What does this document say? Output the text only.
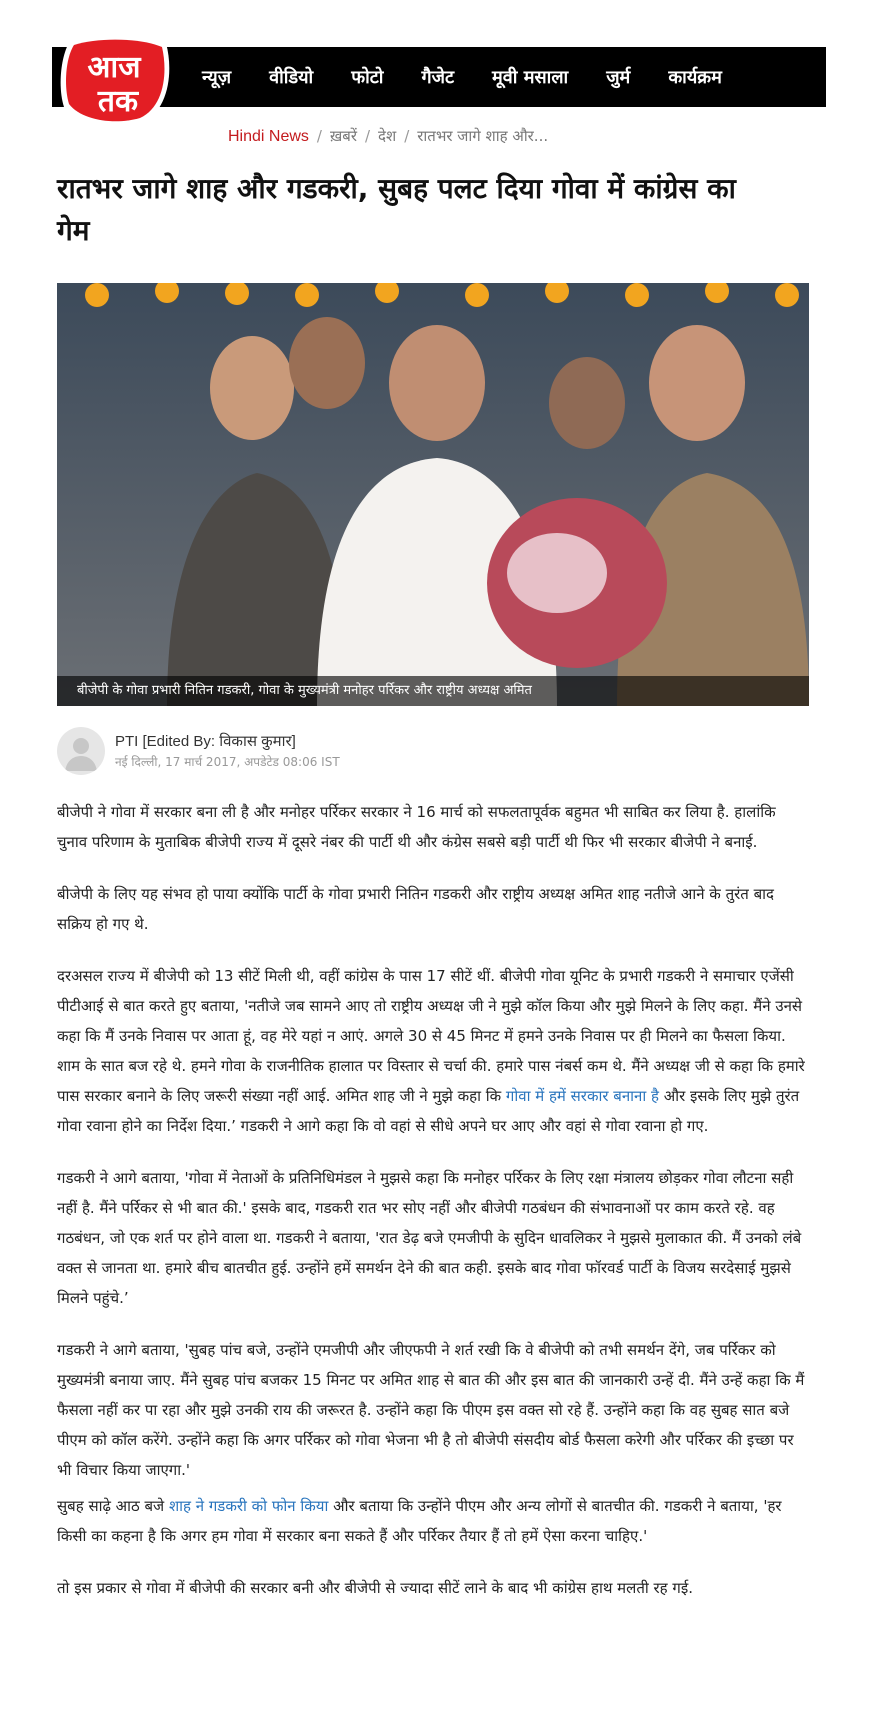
आज
तक
न्यूज़ वीडियो फोटो गैजेट मूवी मसाला जुर्म कार्यक्रम
Hindi News / ख़बरें / देश / रातभर जागे शाह और...
रातभर जागे शाह और गडकरी, सुबह पलट दिया गोवा में कांग्रेस का गेम
बीजेपी के गोवा प्रभारी नितिन गडकरी, गोवा के मुख्यमंत्री मनोहर पर्रिकर और राष्ट्रीय अध्यक्ष अमित
PTI [Edited By: विकास कुमार]
नई दिल्ली, 17 मार्च 2017, अपडेटेड 08:06 IST

बीजेपी ने गोवा में सरकार बना ली है और मनोहर पर्रिकर सरकार ने 16 मार्च को सफलतापूर्वक बहुमत भी साबित कर लिया है. हालांकि चुनाव परिणाम के मुताबिक बीजेपी राज्य में दूसरे नंबर की पार्टी थी और कंग्रेस सबसे बड़ी पार्टी थी फिर भी सरकार बीजेपी ने बनाई.

बीजेपी के लिए यह संभव हो पाया क्योंकि पार्टी के गोवा प्रभारी नितिन गडकरी और राष्ट्रीय अध्यक्ष अमित शाह नतीजे आने के तुरंत बाद सक्रिय हो गए थे.

दरअसल राज्य में बीजेपी को 13 सीटें मिली थी, वहीं कांग्रेस के पास 17 सीटें थीं. बीजेपी गोवा यूनिट के प्रभारी गडकरी ने समाचार एजेंसी पीटीआई से बात करते हुए बताया, 'नतीजे जब सामने आए तो राष्ट्रीय अध्यक्ष जी ने मुझे कॉल किया और मुझे मिलने के लिए कहा. मैंने उनसे कहा कि मैं उनके निवास पर आता हूं, वह मेरे यहां न आएं. अगले 30 से 45 मिनट में हमने उनके निवास पर ही मिलने का फैसला किया. शाम के सात बज रहे थे. हमने गोवा के राजनीतिक हालात पर विस्तार से चर्चा की. हमारे पास नंबर्स कम थे. मैंने अध्यक्ष जी से कहा कि हमारे पास सरकार बनाने के लिए जरूरी संख्या नहीं आई. अमित शाह जी ने मुझे कहा कि गोवा में हमें सरकार बनाना है और इसके लिए मुझे तुरंत गोवा रवाना होने का निर्देश दिया.’ गडकरी ने आगे कहा कि वो वहां से सीधे अपने घर आए और वहां से गोवा रवाना हो गए.

गडकरी ने आगे बताया, 'गोवा में नेताओं के प्रतिनिधिमंडल ने मुझसे कहा कि मनोहर पर्रिकर के लिए रक्षा मंत्रालय छोड़कर गोवा लौटना सही नहीं है. मैंने पर्रिकर से भी बात की.' इसके बाद, गडकरी रात भर सोए नहीं और बीजेपी गठबंधन की संभावनाओं पर काम करते रहे. वह गठबंधन, जो एक शर्त पर होने वाला था. गडकरी ने बताया, 'रात डेढ़ बजे एमजीपी के सुदिन धावलिकर ने मुझसे मुलाकात की. मैं उनको लंबे वक्त से जानता था. हमारे बीच बातचीत हुई. उन्होंने हमें समर्थन देने की बात कही. इसके बाद गोवा फॉरवर्ड पार्टी के विजय सरदेसाई मुझसे मिलने पहुंचे.’

गडकरी ने आगे बताया, 'सुबह पांच बजे, उन्होंने एमजीपी और जीएफपी ने शर्त रखी कि वे बीजेपी को तभी समर्थन देंगे, जब पर्रिकर को मुख्यमंत्री बनाया जाए. मैंने सुबह पांच बजकर 15 मिनट पर अमित शाह से बात की और इस बात की जानकारी उन्हें दी. मैंने उन्हें कहा कि मैं फैसला नहीं कर पा रहा और मुझे उनकी राय की जरूरत है. उन्होंने कहा कि पीएम इस वक्त सो रहे हैं. उन्होंने कहा कि वह सुबह सात बजे पीएम को कॉल करेंगे. उन्होंने कहा कि अगर पर्रिकर को गोवा भेजना भी है तो बीजेपी संसदीय बोर्ड फैसला करेगी और पर्रिकर की इच्छा पर भी विचार किया जाएगा.'

सुबह साढ़े आठ बजे शाह ने गडकरी को फोन किया और बताया कि उन्होंने पीएम और अन्य लोगों से बातचीत की. गडकरी ने बताया, 'हर किसी का कहना है कि अगर हम गोवा में सरकार बना सकते हैं और पर्रिकर तैयार हैं तो हमें ऐसा करना चाहिए.'

तो इस प्रकार से गोवा में बीजेपी की सरकार बनी और बीजेपी से ज्यादा सीटें लाने के बाद भी कांग्रेस हाथ मलती रह गई.
